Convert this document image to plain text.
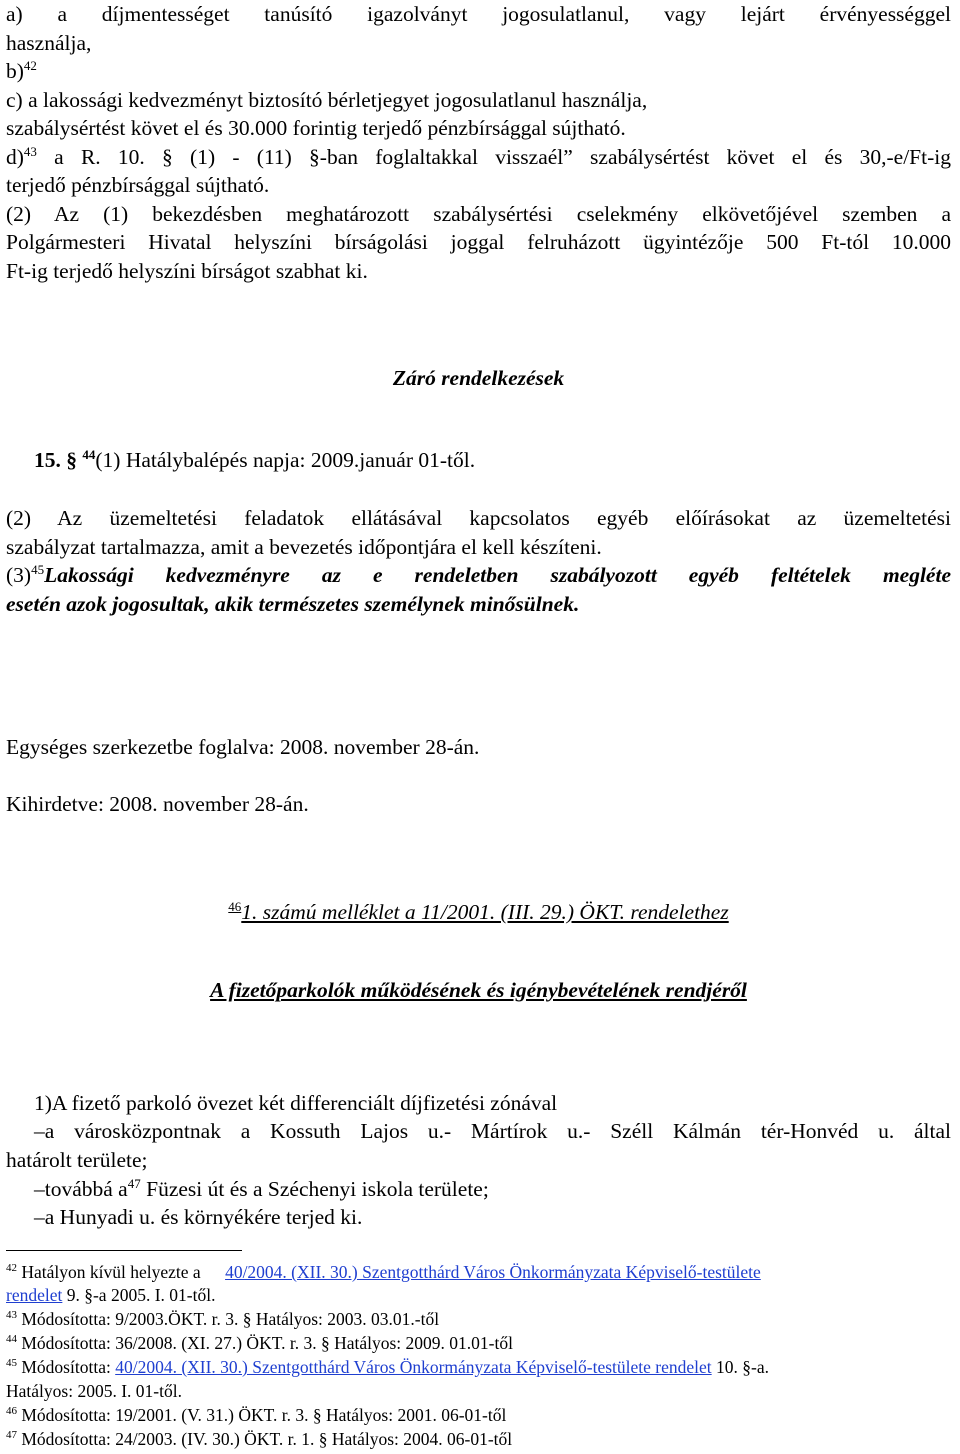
a) a díjmentességet tanúsító igazolványt jogosulatlanul, vagy lejárt érvényességgel
használja,
b)$^{42}$
c) a lakossági kedvezményt biztosító bérletjegyet jogosulatlanul használja,
szabálysértést követ el és 30.000 forintig terjedő pénzbírsággal sújtható.
d)$^{43}$ a R. 10. § (1) - (11) §-ban foglaltakkal visszaél” szabálysértést követ el és 30,-e/Ft-ig
terjedő pénzbírsággal sújtható.
(2) Az (1) bekezdésben meghatározott szabálysértési cselekmény elkövetőjével szemben a
Polgármesteri Hivatal helyszíni bírságolási joggal felruházott ügyintézője 500 Ft-tól 10.000
Ft-ig terjedő helyszíni bírságot szabhat ki.
Záró rendelkezések
15. § $^{44}$(1) Hatálybalépés napja: 2009.január 01-től.
(2) Az üzemeltetési feladatok ellátásával kapcsolatos egyéb előírásokat az üzemeltetési
szabályzat tartalmazza, amit a bevezetés időpontjára el kell készíteni.
$(3)^{45}Lakossági$ kedvezményre az e rendeletben szabályozott egyéb feltételek megléte
esetén azok jogosultak, akik természetes személynek minősülnek.
Egységes szerkezetbe foglalva: 2008. november 28-án.
Kihirdetve: 2008. november 28-án.
$^{46}$1. számú melléklet a 11/2001. (III. 29.) ÖKT. rendelethez
A fizetőparkolók működésének és igénybevételének rendjéről
1)A fizető parkoló övezet két differenciált díjfizetési zónával
–a városközpontnak a Kossuth Lajos u.- Mártírok u.- Széll Kálmán tér-Honvéd u. által
határolt területe;
–továbbá $a^{47}$ Füzesi út és a Széchenyi iskola területe;
–a Hunyadi u. és környékére terjed ki.
$^{42}$ Hatályon kívül helyezte a 40/2004. (XII. 30.) Szentgotthárd Város Önkormányzata Képviselő-testülete
rendelet 9. §-a 2005. I. 01-től.
$^{43}$ Módosította: 9/2003.ÖKT. r. 3. § Hatályos: 2003. 03.01.-től
$^{44}$ Módosította: 36/2008. (XI. 27.) ÖKT. r. 3. § Hatályos: 2009. 01.01-től
$^{45}$ Módosította: 40/2004. (XII. 30.) Szentgotthárd Város Önkormányzata Képviselő-testülete rendelet 10. §-a.
Hatályos: 2005. I. 01-től.
$^{46}$ Módosította: 19/2001. (V. 31.) ÖKT. r. 3. § Hatályos: 2001. 06-01-től
$^{47}$ Módosította: 24/2003. (IV. 30.) ÖKT. r. 1. § Hatályos: 2004. 06-01-től
